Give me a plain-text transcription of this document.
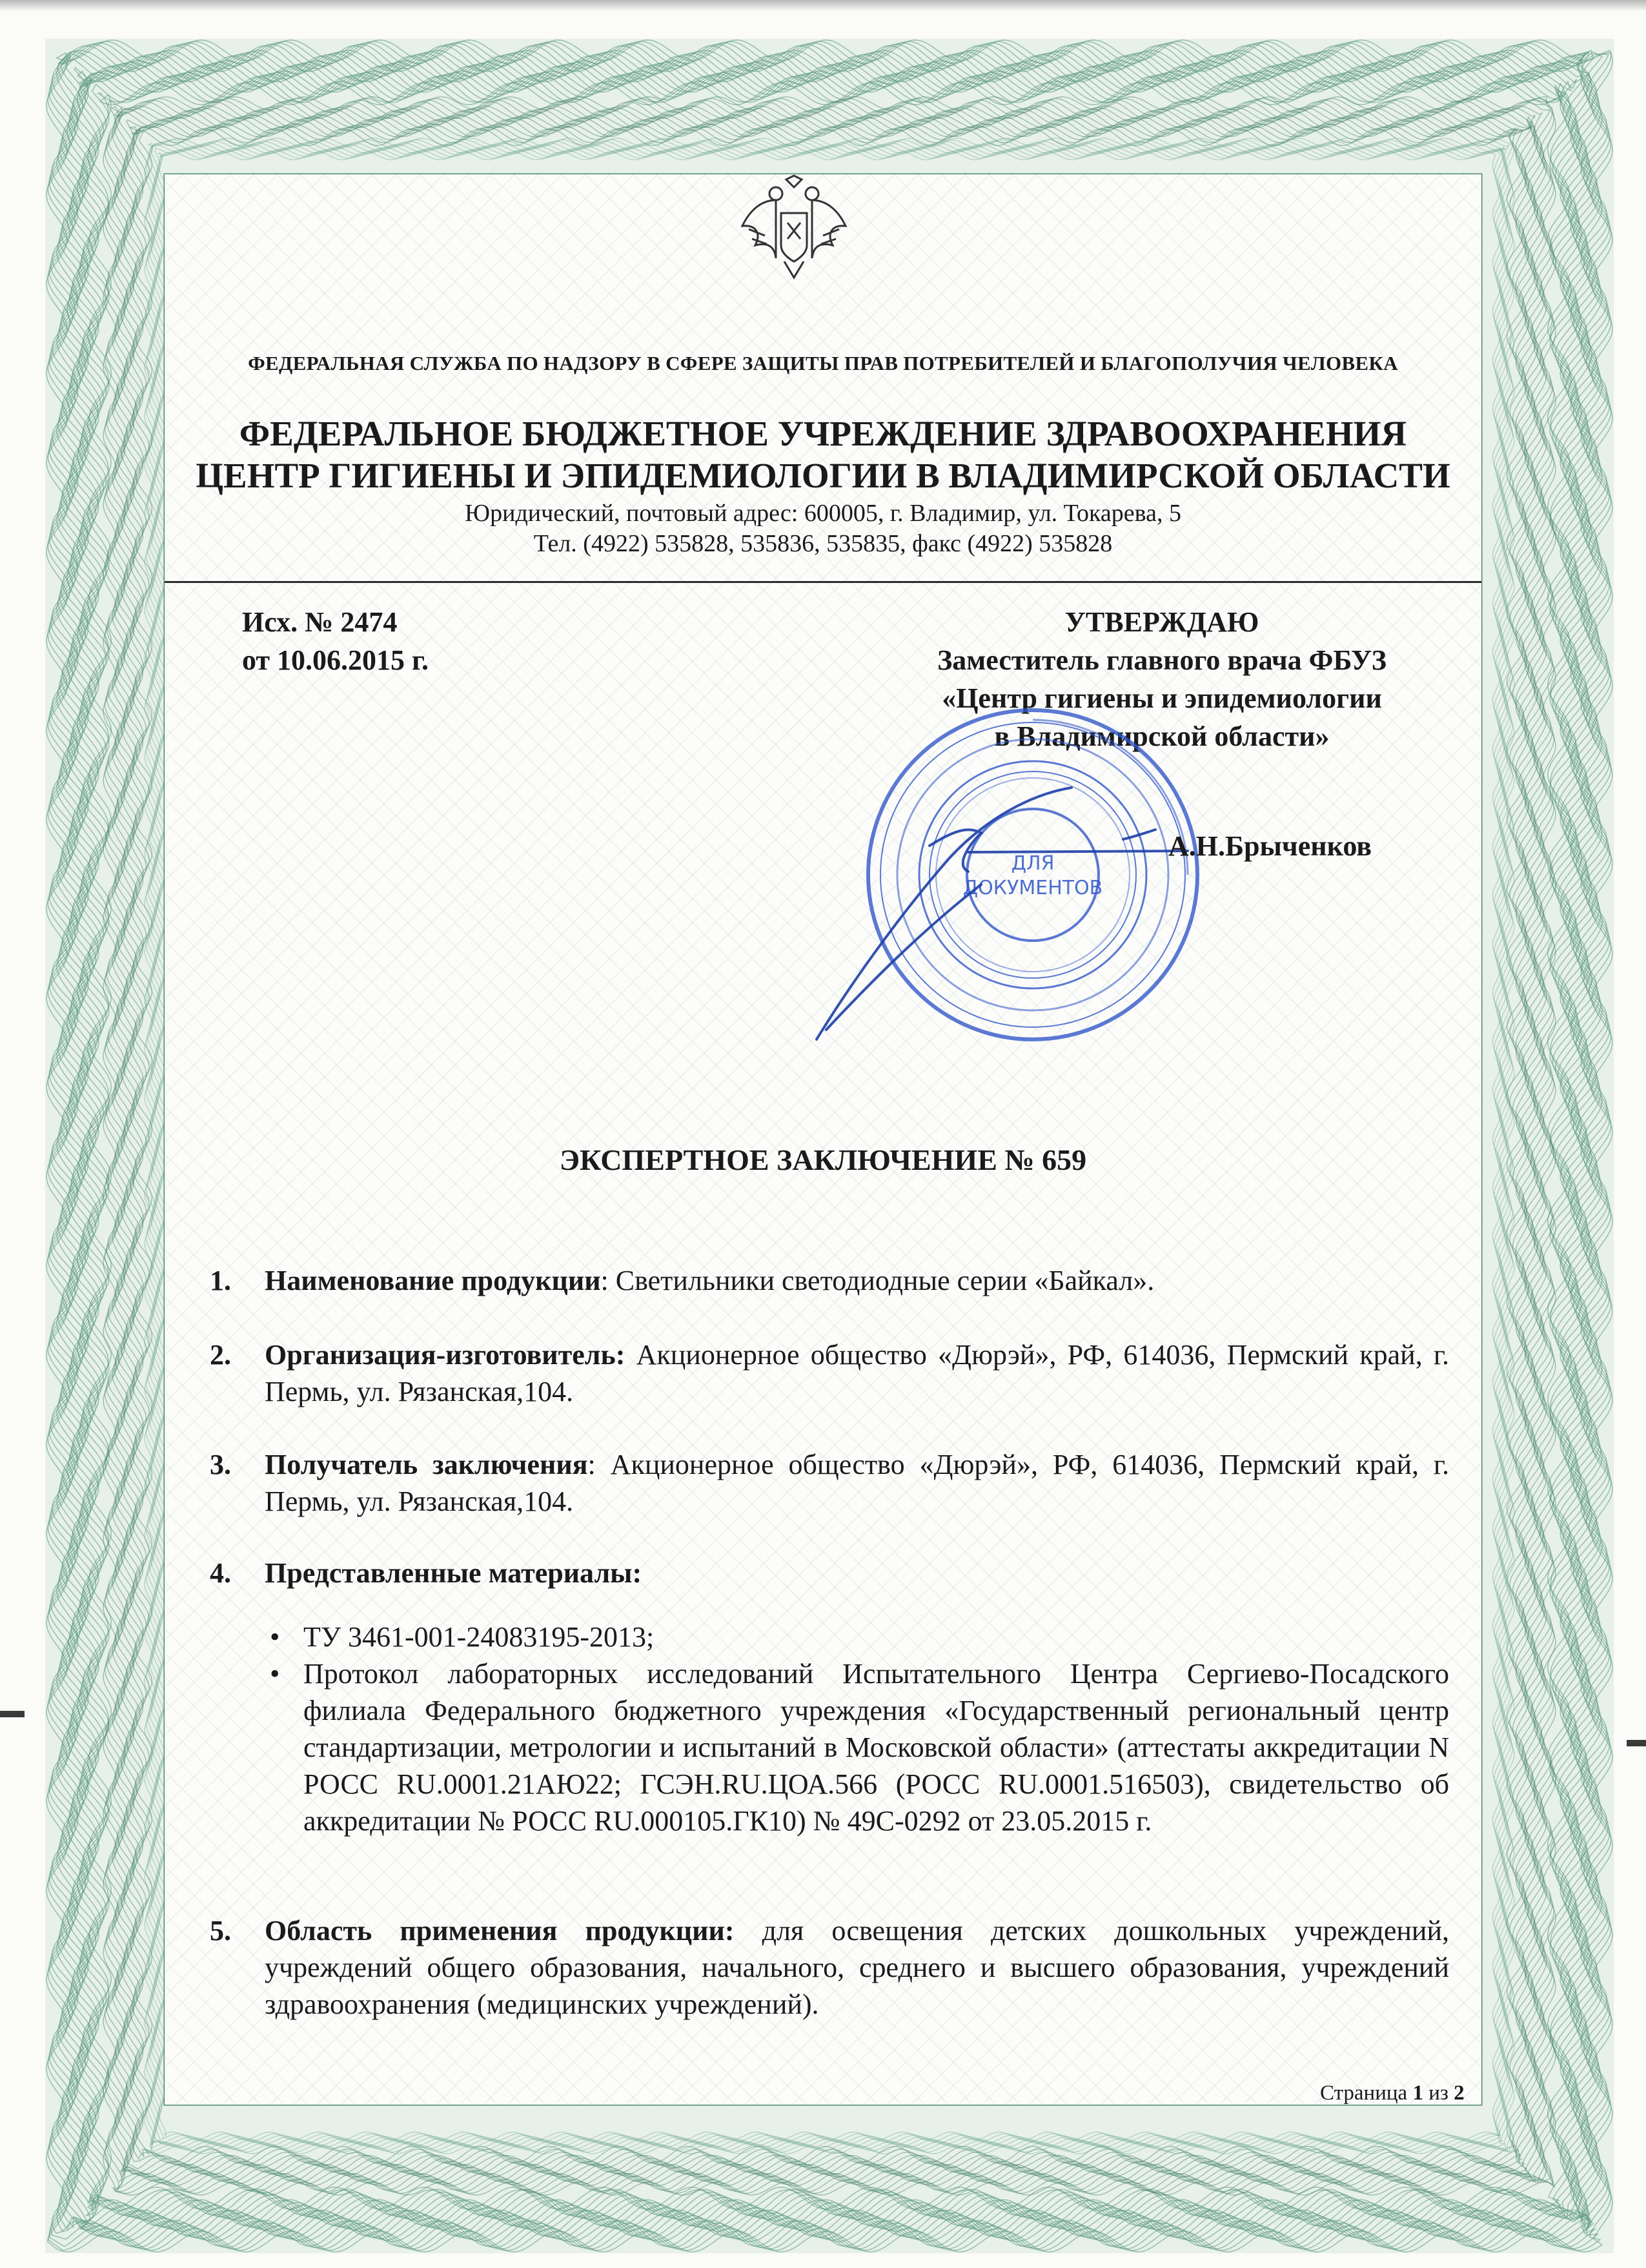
ФЕДЕРАЛЬНАЯ СЛУЖБА ПО НАДЗОРУ В СФЕРЕ ЗАЩИТЫ ПРАВ ПОТРЕБИТЕЛЕЙ И БЛАГОПОЛУЧИЯ ЧЕЛОВЕКА
ФЕДЕРАЛЬНОЕ БЮДЖЕТНОЕ УЧРЕЖДЕНИЕ ЗДРАВООХРАНЕНИЯ
ЦЕНТР ГИГИЕНЫ И ЭПИДЕМИОЛОГИИ В ВЛАДИМИРСКОЙ ОБЛАСТИ
Юридический, почтовый адрес: 600005, г. Владимир, ул. Токарева, 5
Тел. (4922) 535828, 535836, 535835, факс (4922) 535828
Исх. № 2474
от 10.06.2015 г.
УТВЕРЖДАЮ
Заместитель главного врача ФБУЗ
«Центр гигиены и эпидемиологии
в Владимирской области»
ДЛЯ
ДОКУМЕНТОВ
А.Н.Брыченков
ЭКСПЕРТНОЕ ЗАКЛЮЧЕНИЕ № 659
1. Наименование продукции: Светильники светодиодные серии «Байкал».
2. Организация-изготовитель: Акционерное общество «Дюрэй», РФ, 614036, Пермский край, г. Пермь, ул. Рязанская,104.
3. Получатель заключения: Акционерное общество «Дюрэй», РФ, 614036, Пермский край, г. Пермь, ул. Рязанская,104.
4. Представленные материалы:
• ТУ 3461-001-24083195-2013;
• Протокол лабораторных исследований Испытательного Центра Сергиево-Посадского филиала Федерального бюджетного учреждения «Государственный региональный центр стандартизации, метрологии и испытаний в Московской области» (аттестаты аккредитации N РОСС RU.0001.21АЮ22; ГСЭН.RU.ЦОА.566 (РОСС RU.0001.516503), свидетельство об аккредитации № РОСС RU.000105.ГК10) № 49С-0292 от 23.05.2015 г.
5. Область применения продукции: для освещения детских дошкольных учреждений, учреждений общего образования, начального, среднего и высшего образования, учреждений здравоохранения (медицинских учреждений).
Страница 1 из 2
